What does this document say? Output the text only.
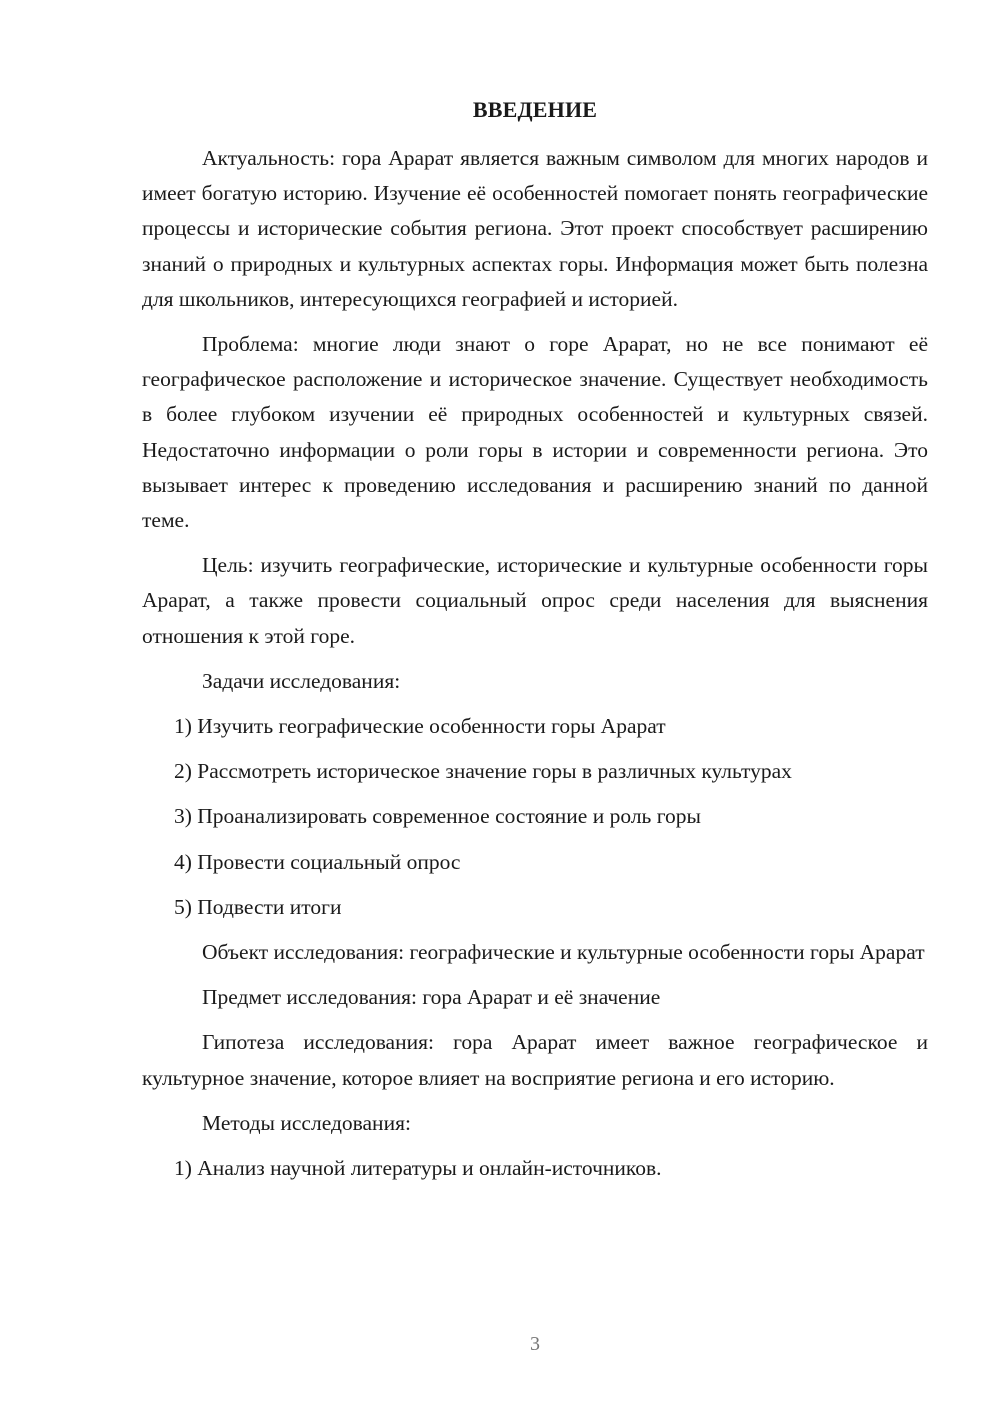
ВВЕДЕНИЕ

Актуальность: гора Арарат является важным символом для многих народов и имеет богатую историю. Изучение её особенностей помогает понять географические процессы и исторические события региона. Этот проект способствует расширению знаний о природных и культурных аспектах горы. Информация может быть полезна для школьников, интересующихся географией и историей.

Проблема: многие люди знают о горе Арарат, но не все понимают её географическое расположение и историческое значение. Существует необходимость в более глубоком изучении её природных особенностей и культурных связей. Недостаточно информации о роли горы в истории и современности региона. Это вызывает интерес к проведению исследования и расширению знаний по данной теме.

Цель: изучить географические, исторические и культурные особенности горы Арарат, а также провести социальный опрос среди населения для выяснения отношения к этой горе.

Задачи исследования:
1) Изучить географические особенности горы Арарат
2) Рассмотреть историческое значение горы в различных культурах
3) Проанализировать современное состояние и роль горы
4) Провести социальный опрос
5) Подвести итоги

Объект исследования: географические и культурные особенности горы Арарат

Предмет исследования: гора Арарат и её значение

Гипотеза исследования: гора Арарат имеет важное географическое и культурное значение, которое влияет на восприятие региона и его историю.

Методы исследования:
1) Анализ научной литературы и онлайн-источников.
3
